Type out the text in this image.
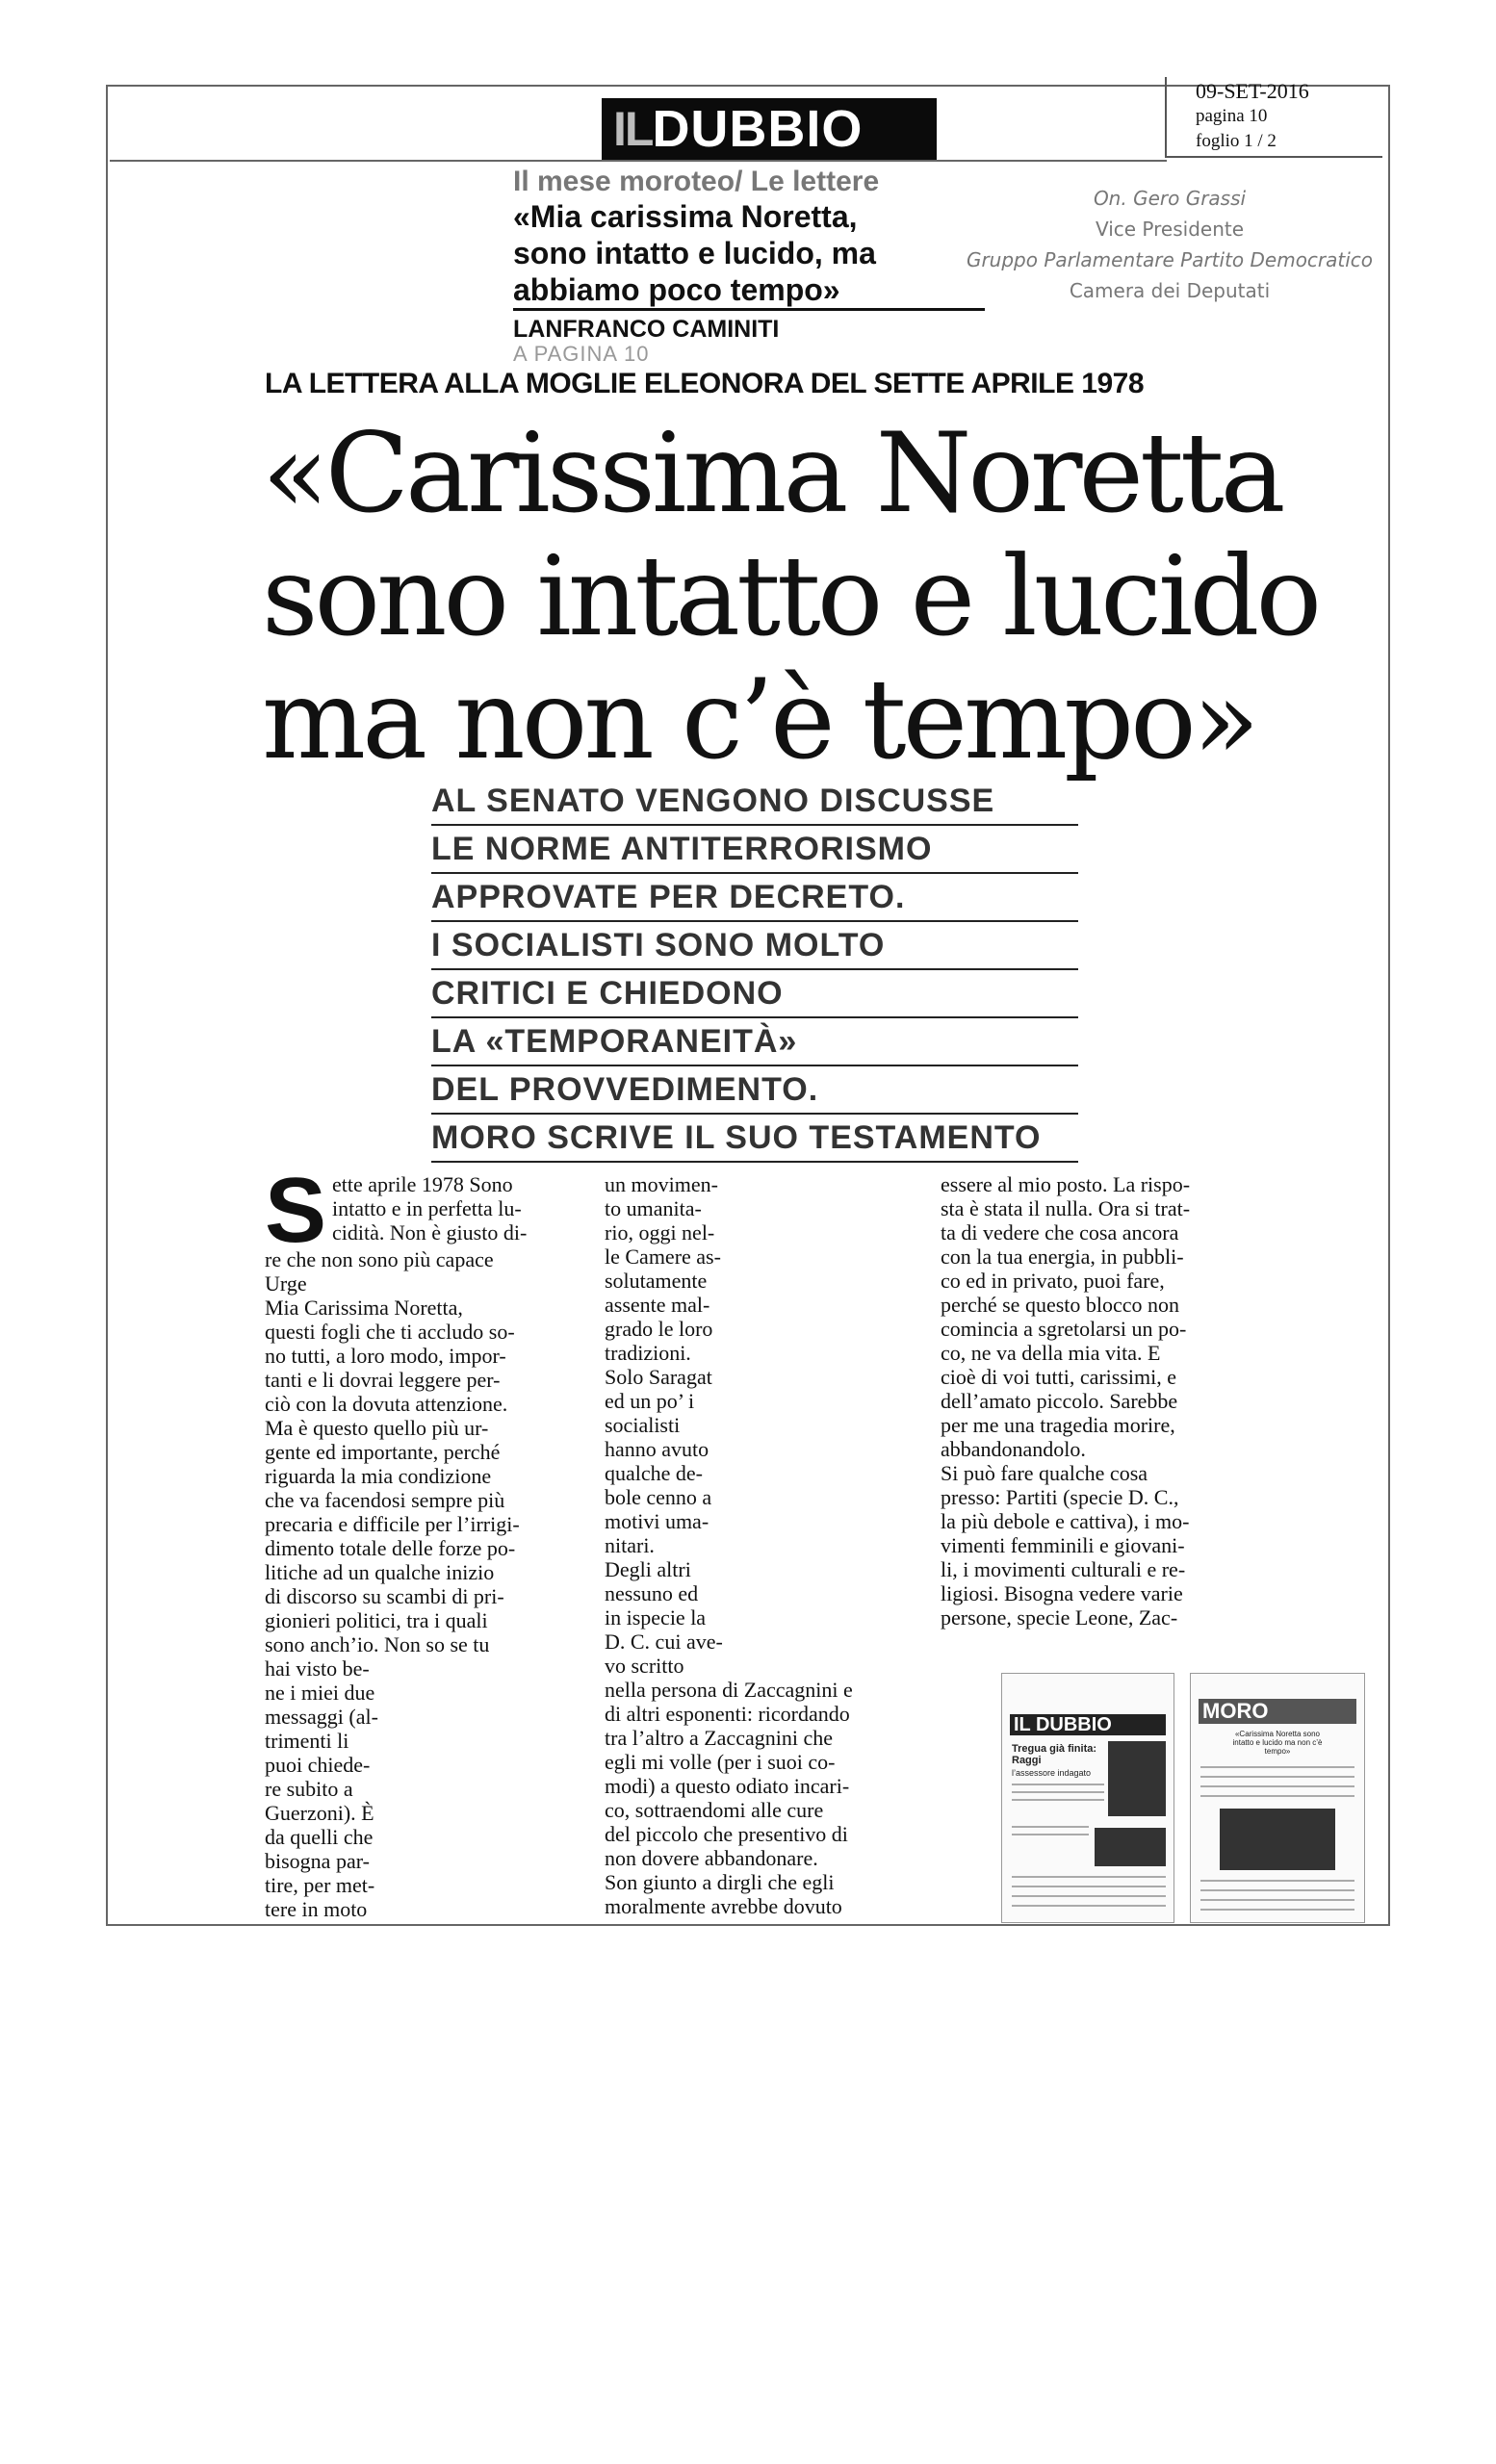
09-SET-2016
pagina 10
foglio 1 / 2
IL DUBBIO
Il mese moroteo/ Le lettere
«Mia carissima Noretta,
sono intatto e lucido, ma
abbiamo poco tempo»
LANFRANCO CAMINITI
A PAGINA 10
On. Gero Grassi
Vice Presidente
Gruppo Parlamentare Partito Democratico
Camera dei Deputati
LA LETTERA ALLA MOGLIE ELEONORA DEL SETTE APRILE 1978
«Carissima Noretta
sono intatto e lucido
ma non c’è tempo»
AL SENATO VENGONO DISCUSSE
LE NORME ANTITERRORISMO
APPROVATE PER DECRETO.
I SOCIALISTI SONO MOLTO
CRITICI E CHIEDONO
LA «TEMPORANEITÀ»
DEL PROVVEDIMENTO.
MORO SCRIVE IL SUO TESTAMENTO
S ette aprile 1978 Sono

intatto e in perfetta lu-

cidità. Non è giusto di-

re che non sono più capace

Urge

Mia Carissima Noretta,

questi fogli che ti accludo so-

no tutti, a loro modo, impor-

tanti e li dovrai leggere per-

ciò con la dovuta attenzione.

Ma è questo quello più ur-

gente ed importante, perché

riguarda la mia condizione

che va facendosi sempre più

precaria e difficile per l’irrigi-

dimento totale delle forze po-

litiche ad un qualche inizio

di discorso su scambi di pri-

gionieri politici, tra i quali

sono anch’io. Non so se tu

hai visto be-

ne i miei due

messaggi (al-

trimenti li

puoi chiede-

re subito a

Guerzoni). È

da quelli che

bisogna par-

tire, per met-

tere in moto

un movimen-

to umanita-

rio, oggi nel-

le Camere as-

solutamente

assente mal-

grado le loro

tradizioni.

Solo Saragat

ed un po’ i

socialisti

hanno avuto

qualche de-

bole cenno a

motivi uma-

nitari.

Degli altri

nessuno ed

in ispecie la

D. C. cui ave-

vo scritto

nella persona di Zaccagnini e

di altri esponenti: ricordando

tra l’altro a Zaccagnini che

egli mi volle (per i suoi co-

modi) a questo odiato incari-

co, sottraendomi alle cure

del piccolo che presentivo di

non dovere abbandonare.

Son giunto a dirgli che egli

moralmente avrebbe dovuto

essere al mio posto. La rispo-

sta è stata il nulla. Ora si trat-

ta di vedere che cosa ancora

con la tua energia, in pubbli-

co ed in privato, puoi fare,

perché se questo blocco non

comincia a sgretolarsi un po-

co, ne va della mia vita. E

cioè di voi tutti, carissimi, e

dell’amato piccolo. Sarebbe

per me una tragedia morire,

abbandonandolo.

Si può fare qualche cosa

presso: Partiti (specie D. C.,

la più debole e cattiva), i mo-

vimenti femminili e giovani-

li, i movimenti culturali e re-

ligiosi. Bisogna vedere varie

persone, specie Leone, Zac-

IL DUBBIO
Tregua già finita: Raggi
l’assessore indagato
MORO
«Carissima Noretta sono intatto e lucido ma non c’è tempo»
